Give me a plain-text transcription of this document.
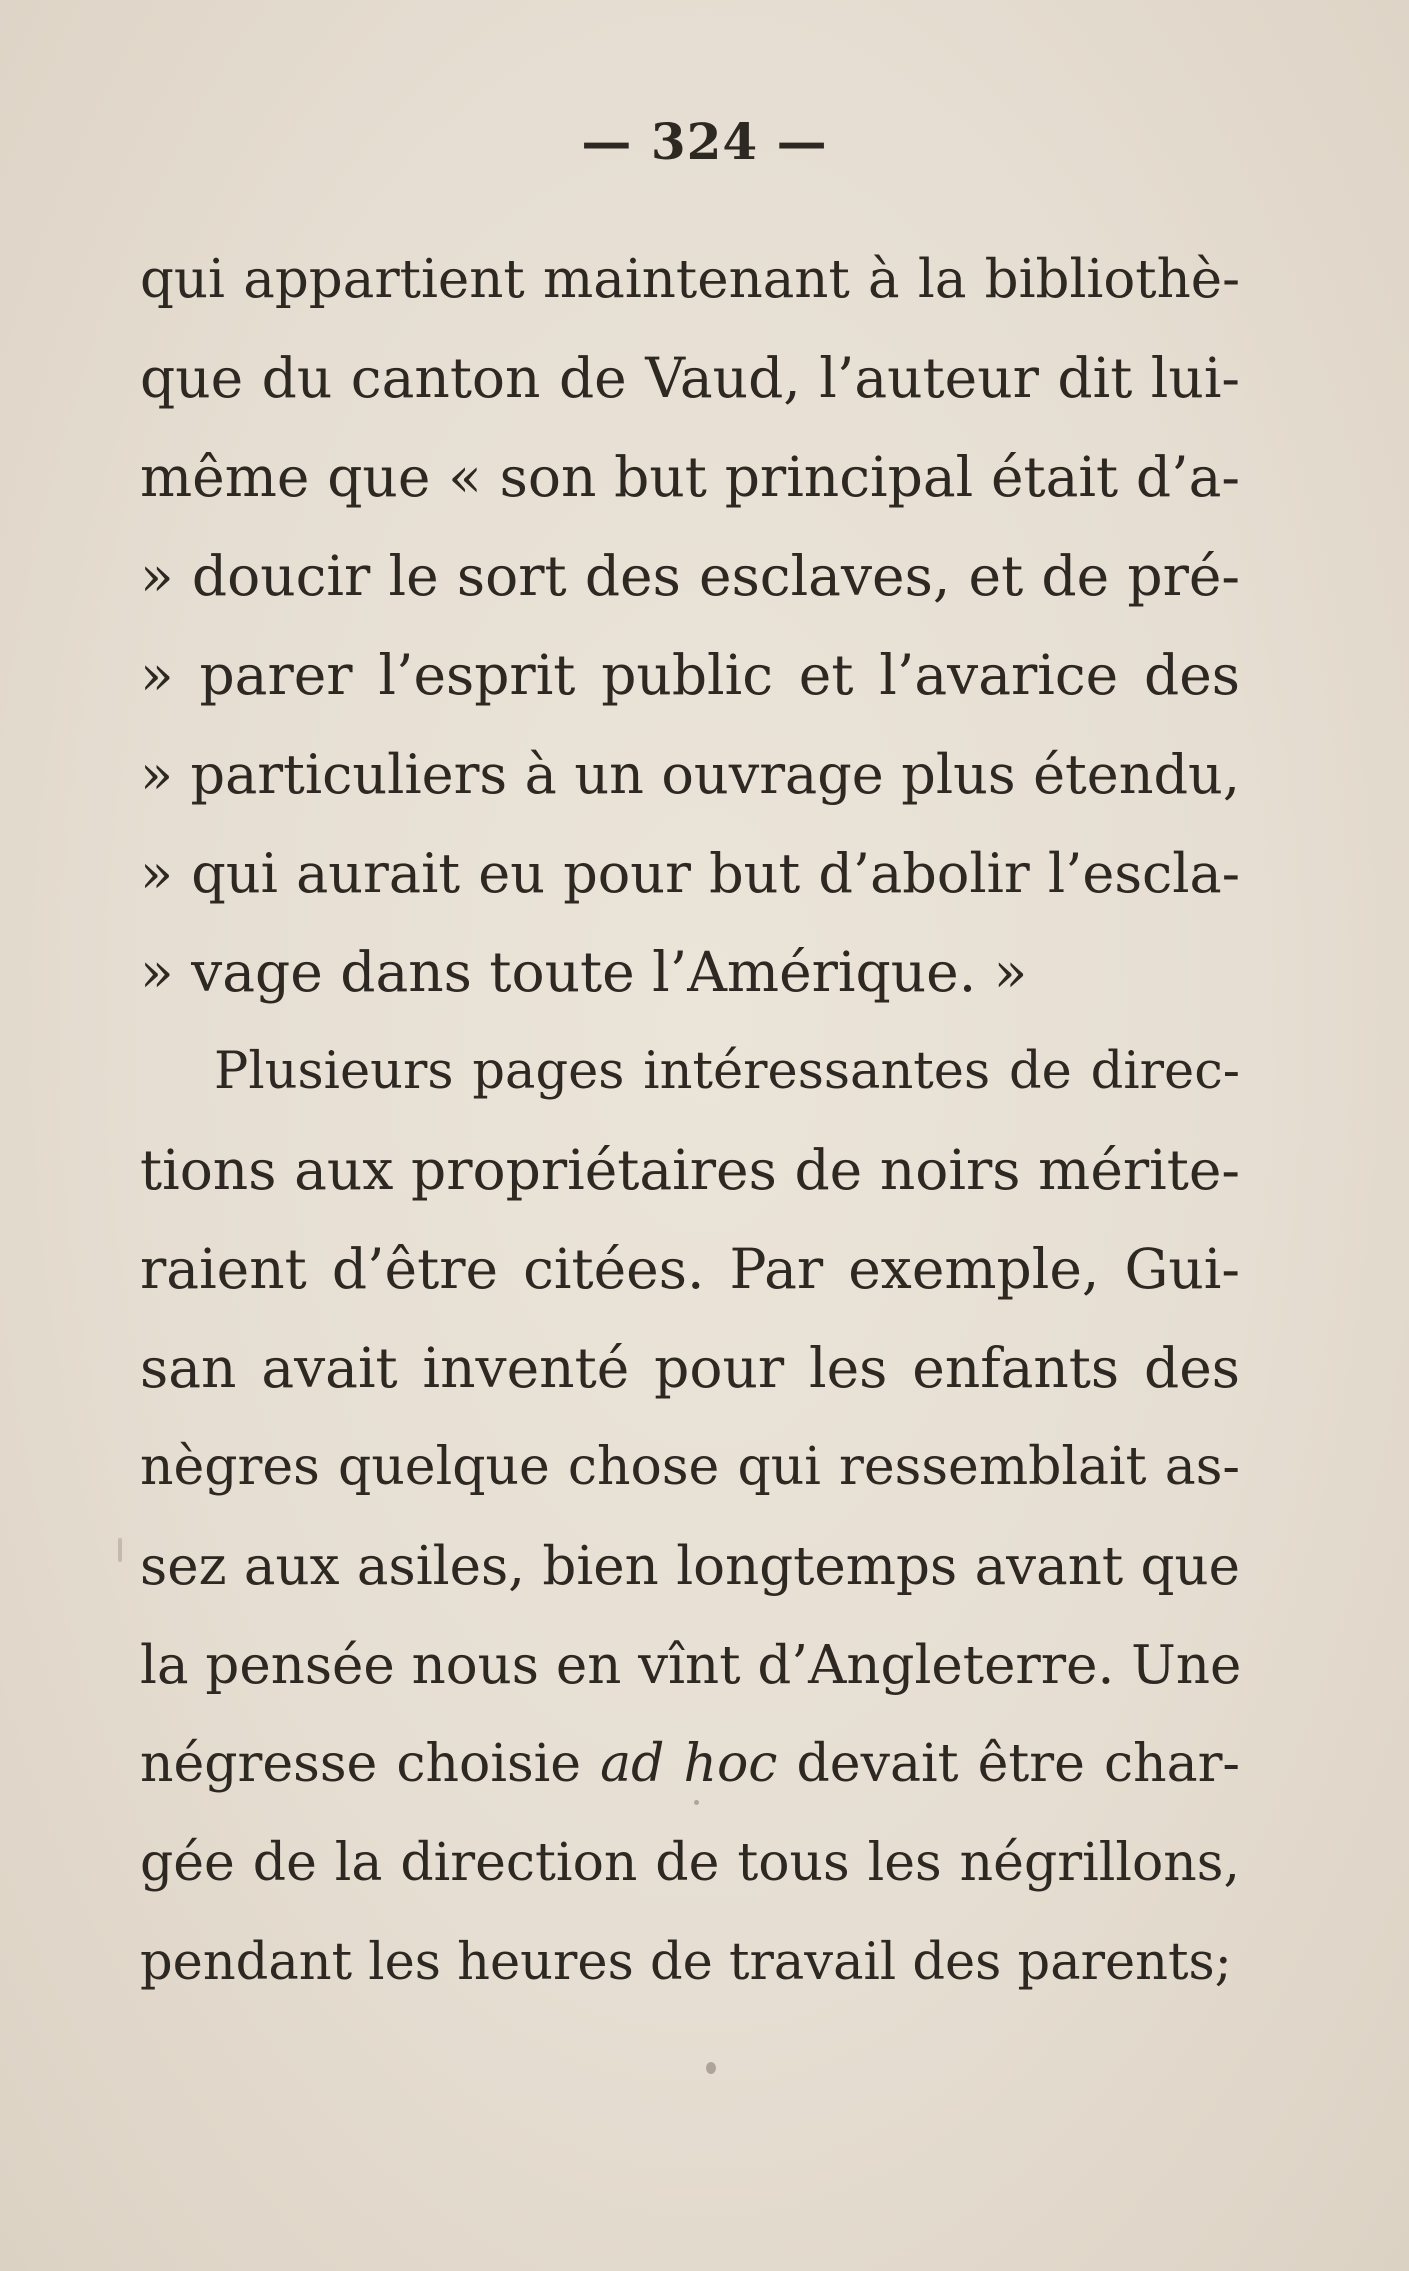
— 324 —
qui appartient maintenant à la bibliothè-
que du canton de Vaud, l’auteur dit lui-
même que « son but principal était d’a-
» doucir le sort des esclaves, et de pré-
» parer l’esprit public et l’avarice des
» particuliers à un ouvrage plus étendu,
» qui aurait eu pour but d’abolir l’escla-
» vage dans toute l’Amérique. »
Plusieurs pages intéressantes de direc-
tions aux propriétaires de noirs mérite-
raient d’être citées. Par exemple, Gui-
san avait inventé pour les enfants des
nègres quelque chose qui ressemblait as-
sez aux asiles, bien longtemps avant que
la pensée nous en vînt d’Angleterre. Une
négresse choisie ad hoc devait être char-
gée de la direction de tous les négrillons,
pendant les heures de travail des parents;
